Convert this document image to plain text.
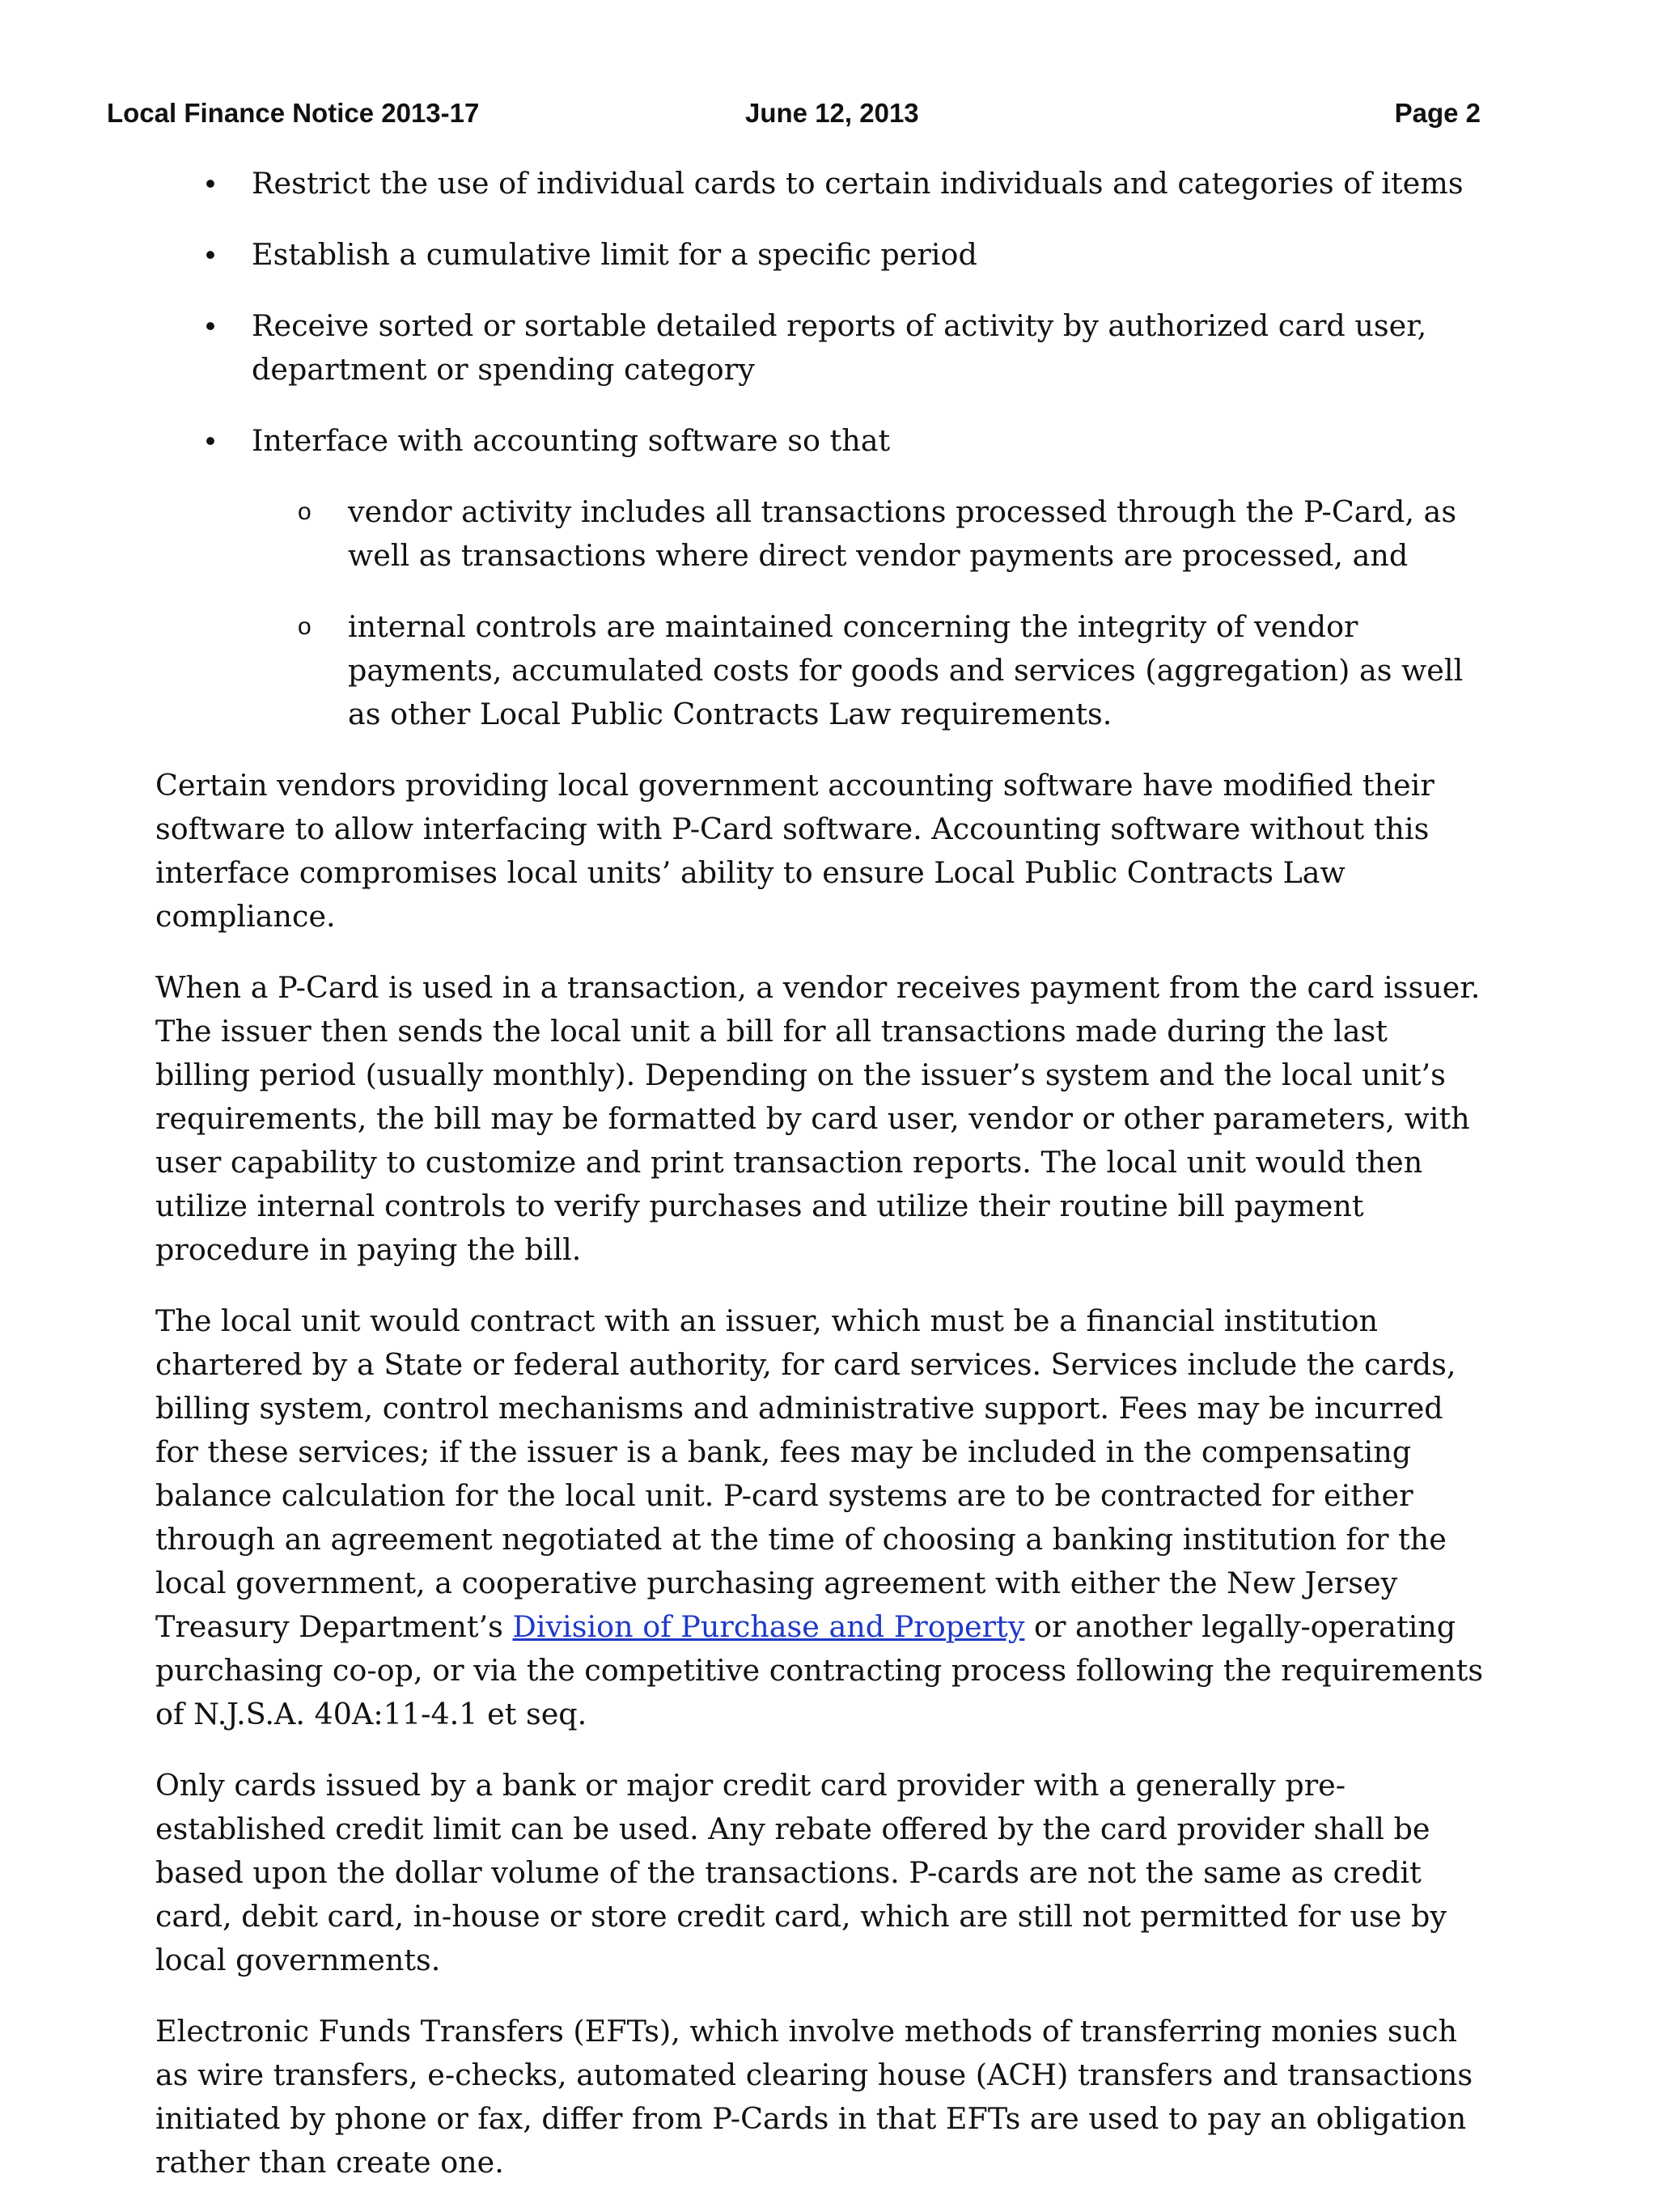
Local Finance Notice 2013-17	June 12, 2013	Page 2
• Restrict the use of individual cards to certain individuals and categories of items
• Establish a cumulative limit for a specific period
• Receive sorted or sortable detailed reports of activity by authorized card user, department or spending category
• Interface with accounting software so that
o vendor activity includes all transactions processed through the P-Card, as well as transactions where direct vendor payments are processed, and
o internal controls are maintained concerning the integrity of vendor payments, accumulated costs for goods and services (aggregation) as well as other Local Public Contracts Law requirements.

Certain vendors providing local government accounting software have modified their software to allow interfacing with P-Card software. Accounting software without this interface compromises local units’ ability to ensure Local Public Contracts Law compliance.

When a P-Card is used in a transaction, a vendor receives payment from the card issuer. The issuer then sends the local unit a bill for all transactions made during the last billing period (usually monthly). Depending on the issuer’s system and the local unit’s requirements, the bill may be formatted by card user, vendor or other parameters, with user capability to customize and print transaction reports. The local unit would then utilize internal controls to verify purchases and utilize their routine bill payment procedure in paying the bill.

The local unit would contract with an issuer, which must be a financial institution chartered by a State or federal authority, for card services. Services include the cards, billing system, control mechanisms and administrative support. Fees may be incurred for these services; if the issuer is a bank, fees may be included in the compensating balance calculation for the local unit. P-card systems are to be contracted for either through an agreement negotiated at the time of choosing a banking institution for the local government, a cooperative purchasing agreement with either the New Jersey Treasury Department’s Division of Purchase and Property or another legally-operating purchasing co-op, or via the competitive contracting process following the requirements of N.J.S.A. 40A:11-4.1 et seq.

Only cards issued by a bank or major credit card provider with a generally pre-established credit limit can be used. Any rebate offered by the card provider shall be based upon the dollar volume of the transactions. P-cards are not the same as credit card, debit card, in-house or store credit card, which are still not permitted for use by local governments.

Electronic Funds Transfers (EFTs), which involve methods of transferring monies such as wire transfers, e-checks, automated clearing house (ACH) transfers and transactions initiated by phone or fax, differ from P-Cards in that EFTs are used to pay an obligation rather than create one.
